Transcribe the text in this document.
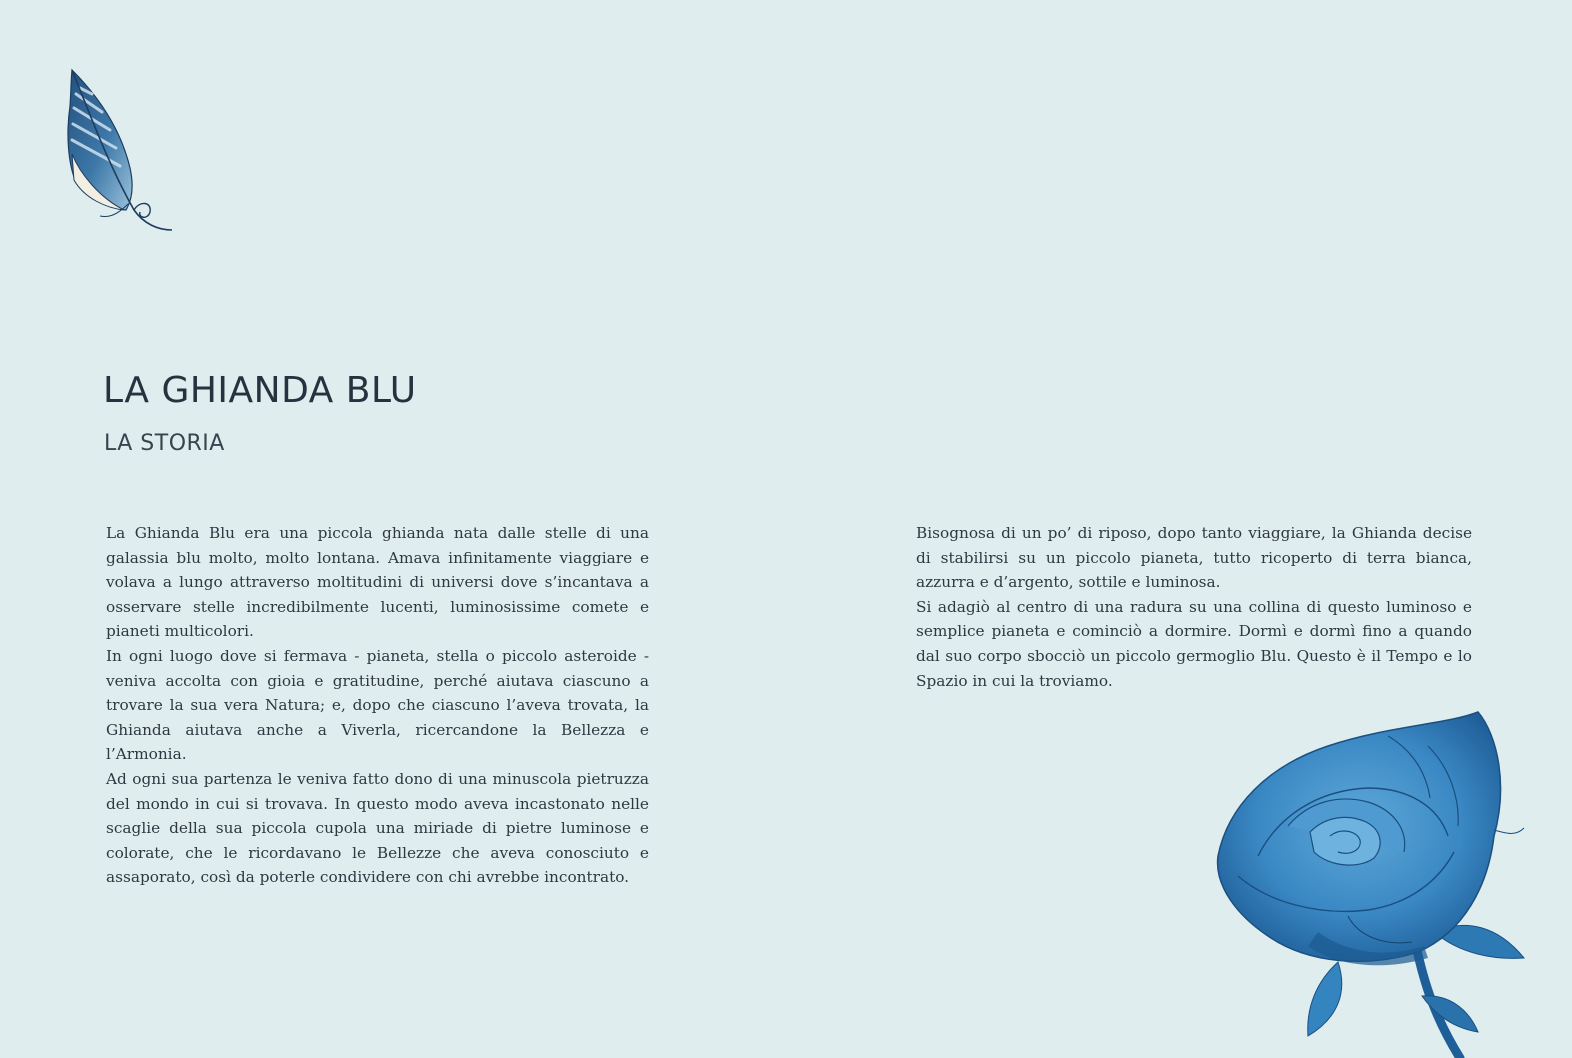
LA GHIANDA BLU
LA STORIA

La Ghianda Blu era una piccola ghianda nata dalle stelle di una galassia blu molto, molto lontana. Amava infinitamente viaggiare e volava a lungo attraverso moltitudini di universi dove s’incantava a osservare stelle incredibilmente lucenti, luminosissime comete e pianeti multicolori.

In ogni luogo dove si fermava - pianeta, stella o piccolo asteroide - veniva accolta con gioia e gratitudine, perché aiutava ciascuno a trovare la sua vera Natura; e, dopo che ciascuno l’aveva trovata, la Ghianda aiutava anche a Viverla, ricercandone la Bellezza e l’Armonia.

Ad ogni sua partenza le veniva fatto dono di una minuscola pietruzza del mondo in cui si trovava. In questo modo aveva incastonato nelle scaglie della sua piccola cupola una miriade di pietre luminose e colorate, che le ricordavano le Bellezze che aveva conosciuto e assaporato, così da poterle condividere con chi avrebbe incontrato.

Bisognosa di un po’ di riposo, dopo tanto viaggiare, la Ghianda decise di stabilirsi su un piccolo pianeta, tutto ricoperto di terra bianca, azzurra e d’argento, sottile e luminosa.

Si adagiò al centro di una radura su una collina di questo luminoso e semplice pianeta e cominciò a dormire. Dormì e dormì fino a quando dal suo corpo sbocciò un piccolo germoglio Blu. Questo è il Tempo e lo Spazio in cui la troviamo.
